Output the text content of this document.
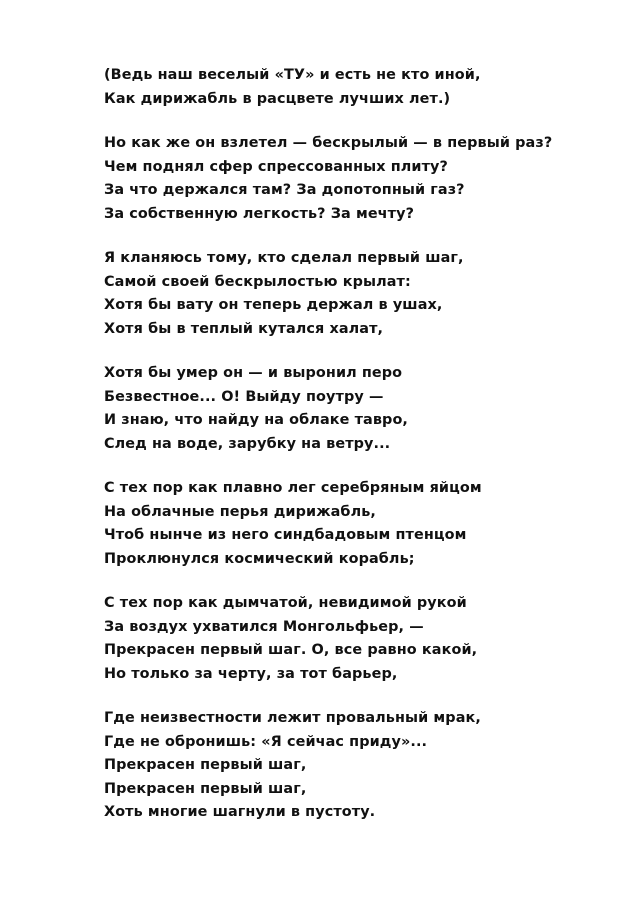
(Ведь наш веселый «ТУ» и есть не кто иной,
Как дирижабль в расцвете лучших лет.)
Но как же он взлетел — бескрылый — в первый раз?
Чем поднял сфер спрессованных плиту?
За что держался там? За допотопный газ?
За собственную легкость? За мечту?
Я кланяюсь тому, кто сделал первый шаг,
Самой своей бескрылостью крылат:
Хотя бы вату он теперь держал в ушах,
Хотя бы в теплый кутался халат,
Хотя бы умер он — и выронил перо
Безвестное... О! Выйду поутру —
И знаю, что найду на облаке тавро,
След на воде, зарубку на ветру...
С тех пор как плавно лег серебряным яйцом
На облачные перья дирижабль,
Чтоб нынче из него синдбадовым птенцом
Проклюнулся космический корабль;
С тех пор как дымчатой, невидимой рукой
За воздух ухватился Монгольфьер, —
Прекрасен первый шаг. О, все равно какой,
Но только за черту, за тот барьер,
Где неизвестности лежит провальный мрак,
Где не обронишь: «Я сейчас приду»...
Прекрасен первый шаг,
Прекрасен первый шаг,
Хоть многие шагнули в пустоту.
